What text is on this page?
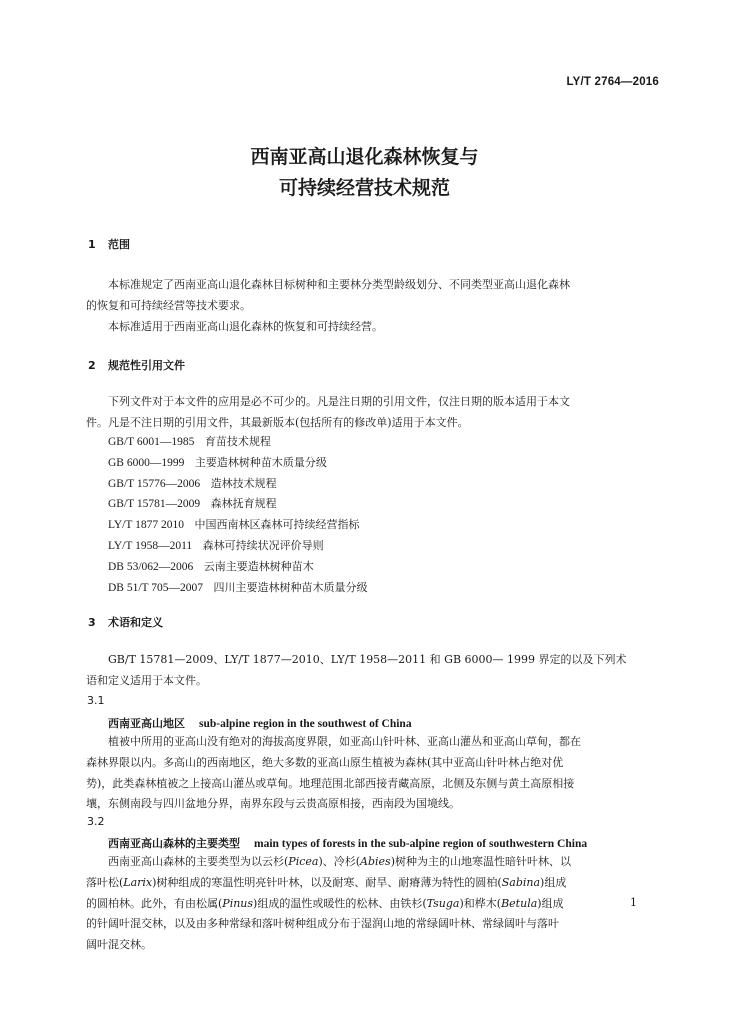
LY/T 2764—2016
西南亚高山退化森林恢复与
可持续经营技术规范
1 范围
本标准规定了西南亚高山退化森林目标树种和主要林分类型龄级划分、不同类型亚高山退化森林
的恢复和可持续经营等技术要求。
本标准适用于西南亚高山退化森林的恢复和可持续经营。
2 规范性引用文件
下列文件对于本文件的应用是必不可少的。凡是注日期的引用文件，仅注日期的版本适用于本文
件。凡是不注日期的引用文件，其最新版本(包括所有的修改单)适用于本文件。
GB/T 6001—1985 育苗技术规程
GB 6000—1999 主要造林树种苗木质量分级
GB/T 15776—2006 造林技术规程
GB/T 15781—2009 森林抚育规程
LY/T 1877 2010 中国西南林区森林可持续经营指标
LY/T 1958—2011 森林可持续状况评价导则
DB 53/062—2006 云南主要造林树种苗木
DB 51/T 705—2007 四川主要造林树种苗木质量分级
3 术语和定义
GB/T 15781—2009、LY/T 1877—2010、LY/T 1958—2011 和 GB 6000— 1999 界定的以及下列术
语和定义适用于本文件。
3.1
西南亚高山地区 sub-alpine region in the southwest of China
植被中所用的亚高山没有绝对的海拔高度界限，如亚高山针叶林、亚高山灌丛和亚高山草甸，都在
森林界限以内。多高山的西南地区，绝大多数的亚高山原生植被为森林(其中亚高山针叶林占绝对优
势)，此类森林植被之上接高山灌丛或草甸。地理范围北部西接青藏高原，北侧及东侧与黄土高原相接
壤，东侧南段与四川盆地分界，南界东段与云贵高原相接，西南段为国境线。
3.2
西南亚高山森林的主要类型 main types of forests in the sub-alpine region of southwestern China
西南亚高山森林的主要类型为以云杉(Picea)、冷杉(Abies)树种为主的山地寒温性暗针叶林、以
落叶松(Larix)树种组成的寒温性明亮针叶林，以及耐寒、耐旱、耐瘠薄为特性的圆柏(Sabina)组成
的圆柏林。此外，有由松属(Pinus)组成的温性或暖性的松林、由铁杉(Tsuga)和桦木(Betula)组成
的针阔叶混交林，以及由多种常绿和落叶树种组成分布于湿润山地的常绿阔叶林、常绿阔叶与落叶
阔叶混交林。
1
